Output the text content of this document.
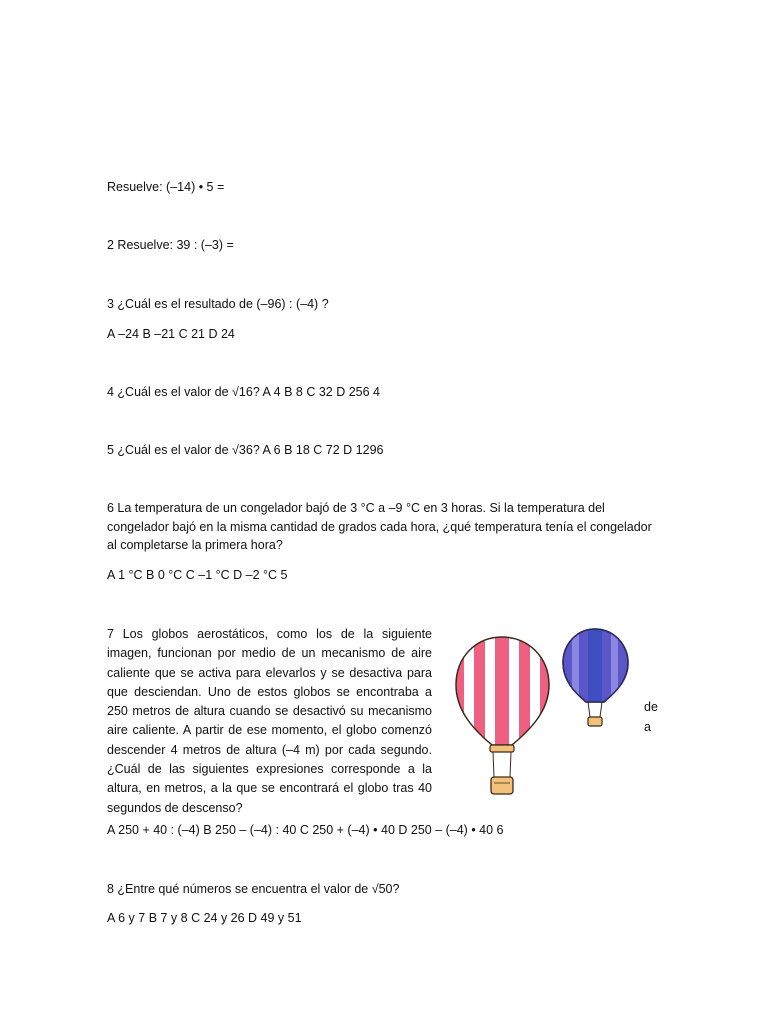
Resuelve: (–14) • 5 =
2 Resuelve: 39 : (–3) =
3 ¿Cuál es el resultado de (–96) : (–4) ?
A –24 B –21 C 21 D 24
4 ¿Cuál es el valor de √16? A 4 B 8 C 32 D 256 4
5 ¿Cuál es el valor de √36? A 6 B 18 C 72 D 1296
6 La temperatura de un congelador bajó de 3 °C a –9 °C en 3 horas. Si la temperatura del congelador bajó en la misma cantidad de grados cada hora, ¿qué temperatura tenía el congelador al completarse la primera hora?
A 1 °C B 0 °C C –1 °C D –2 °C 5
7 Los globos aerostáticos, como los de la siguiente imagen, funcionan por medio de un mecanismo de aire caliente que se activa para elevarlos y se desactiva para que desciendan. Uno de estos globos se encontraba a 250 metros de altura cuando se desactivó su mecanismo aire caliente. A partir de ese momento, el globo comenzó descender 4 metros de altura (–4 m) por cada segundo. ¿Cuál de las siguientes expresiones corresponde a la altura, en metros, a la que se encontrará el globo tras 40 segundos de descenso?
de
a
A 250 + 40 : (–4) B 250 – (–4) : 40 C 250 + (–4) • 40 D 250 – (–4) • 40 6
8 ¿Entre qué números se encuentra el valor de √50?
A 6 y 7 B 7 y 8 C 24 y 26 D 49 y 51
